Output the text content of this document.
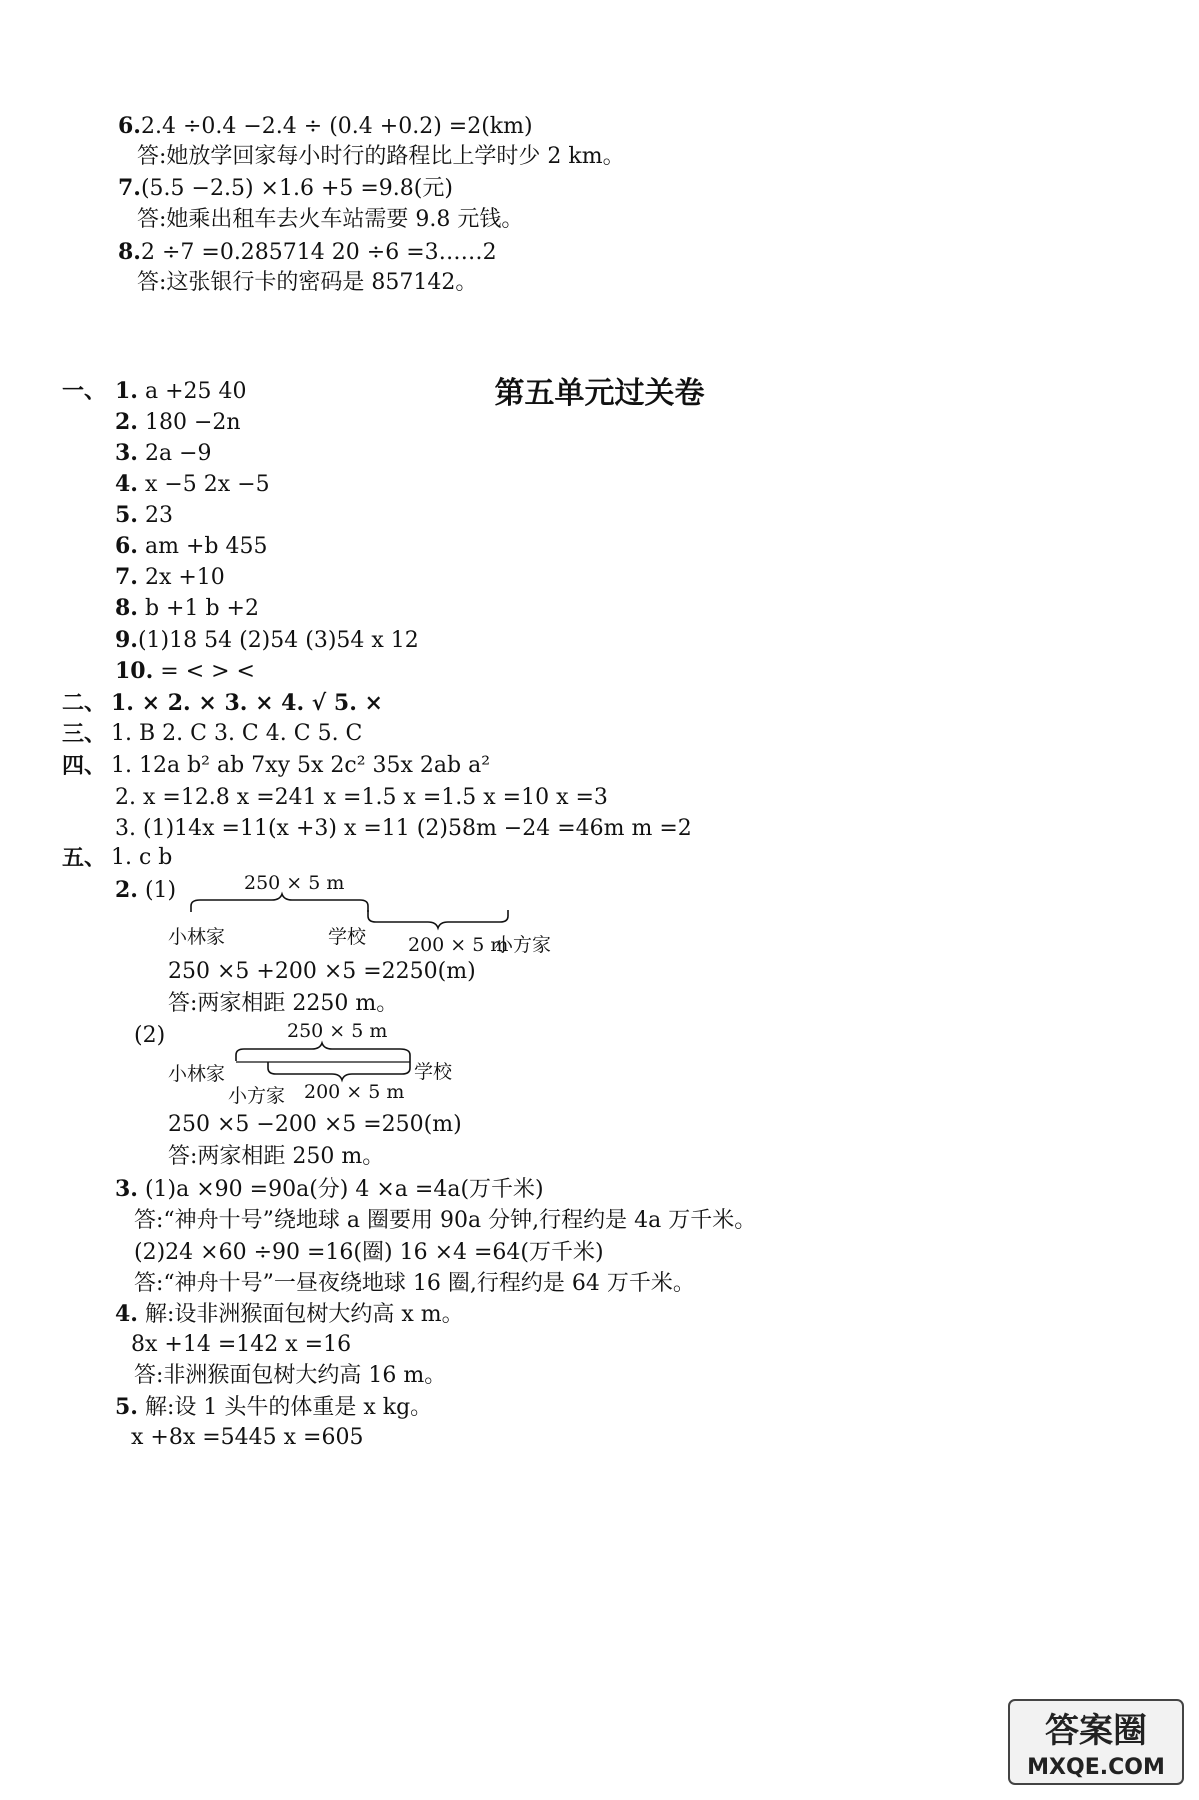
6.2.4 ÷0.4 −2.4 ÷ (0.4 +0.2) =2(km)
答:她放学回家每小时行的路程比上学时少 2 km。
7.(5.5 −2.5) ×1.6 +5 =9.8(元)
答:她乘出租车去火车站需要 9.8 元钱。
8.2 ÷7 =0.285714 20 ÷6 =3……2
答:这张银行卡的密码是 857142。
第五单元过关卷
一、 1. a +25 40
2. 180 −2n
3. 2a −9
4. x −5 2x −5
5. 23
6. am +b 455
7. 2x +10
8. b +1 b +2
9.(1)18 54 (2)54 (3)54 x 12
10. = < > <
二、 1. × 2. × 3. × 4. √ 5. ×
三、 1. B 2. C 3. C 4. C 5. C
四、 1. 12a b² ab 7xy 5x 2c² 35x 2ab a²
2. x =12.8 x =241 x =1.5 x =1.5 x =10 x =3
3. (1)14x =11(x +3) x =11 (2)58m −24 =46m m =2
五、 1. c b
2. (1)	250 × 5 m
小林家	学校 200 × 5 m
小方家
250 ×5 +200 ×5 =2250(m)
答:两家相距 2250 m。
(2)	250 × 5 m
小林家	学校
小方家 200 × 5 m
250 ×5 −200 ×5 =250(m)
答:两家相距 250 m。
3. (1)a ×90 =90a(分) 4 ×a =4a(万千米)
答:“神舟十号”绕地球 a 圈要用 90a 分钟,行程约是 4a 万千米。
(2)24 ×60 ÷90 =16(圈) 16 ×4 =64(万千米)
答:“神舟十号”一昼夜绕地球 16 圈,行程约是 64 万千米。
4. 解:设非洲猴面包树大约高 x m。
8x +14 =142 x =16
答:非洲猴面包树大约高 16 m。
5. 解:设 1 头牛的体重是 x kg。
x +8x =5445 x =605
答案圈
MXQE.COM
